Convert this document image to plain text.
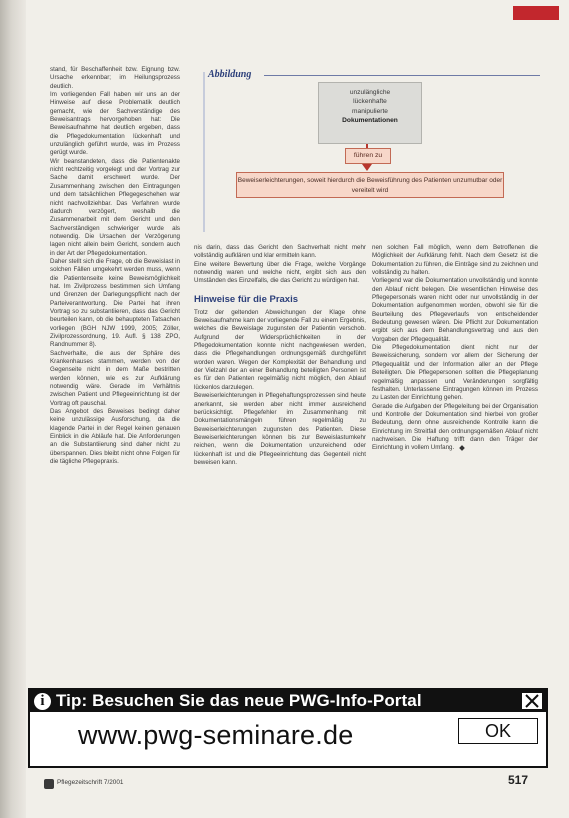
stand, für Beschaffenheit bzw. Eignung bzw. Ursache erkennbar; im Heilungsprozess deutlich.

Im vorliegenden Fall haben wir uns an der Hinweise auf diese Problematik deutlich gemacht, wie der Sachverständige des Beweisantrags hervorgehoben hat: Die Beweisaufnahme hat deutlich ergeben, dass die Pflegedokumentation lückenhaft und unzulänglich geführt wurde, was im Prozess gerügt wurde.

Wir beanstandeten, dass die Patientenakte nicht rechtzeitig vorgelegt und der Vortrag zur Sache damit erschwert wurde. Der Zusammenhang zwischen den Eintragungen und dem tatsächlichen Pflegegeschehen war nicht nachvollziehbar. Das Verfahren wurde dadurch verzögert, weshalb die Zusammenarbeit mit dem Gericht und den Sachverständigen schwieriger wurde als notwendig. Die Ursachen der Verzögerung lagen nicht allein beim Gericht, sondern auch in der Art der Pflegedokumentation.

Daher stellt sich die Frage, ob die Beweislast in solchen Fällen umgekehrt werden muss, wenn die Patientenseite keine Beweismöglichkeit hat. Im Zivilprozess bestimmen sich Umfang und Grenzen der Darlegungspflicht nach der Parteiverantwortung. Die Partei hat ihren Vortrag so zu substantiieren, dass das Gericht beurteilen kann, ob die behaupteten Tatsachen vorliegen (BGH NJW 1999, 2005; Zöller, Zivilprozessordnung, 19. Aufl. § 138 ZPO, Randnummer 8).

Sachverhalte, die aus der Sphäre des Krankenhauses stammen, werden von der Gegenseite nicht in dem Maße bestritten werden können, wie es zur Aufklärung notwendig wäre. Gerade im Verhältnis zwischen Patient und Pflegeeinrichtung ist der Vortrag oft pauschal.

Das Angebot des Beweises bedingt daher keine unzulässige Ausforschung, da die klagende Partei in der Regel keinen genauen Einblick in die Abläufe hat. Die Anforderungen an die Substantiierung sind daher nicht zu überspannen. Dies bleibt nicht ohne Folgen für die tägliche Pflegepraxis.

Abbildung
unzulängliche
lückenhafte
manipulierte
Dokumentationen
führen zu
Beweiserleichterungen, soweit hierdurch die Beweisführung des Patienten unzumutbar oder vereitelt wird

nis darin, dass das Gericht den Sachverhalt nicht mehr vollständig aufklären und klar ermitteln kann.

Eine weitere Bewertung über die Frage, welche Vorgänge notwendig waren und welche nicht, ergibt sich aus den Umständen des Einzelfalls, die das Gericht zu würdigen hat.

Hinweise für die Praxis

Trotz der geltenden Abweichungen der Klage ohne Beweisaufnahme kam der vorliegende Fall zu einem Ergebnis, welches die Beweislage zugunsten der Patientin verschob. Aufgrund der Widersprüchlichkeiten in der Pflegedokumentation konnte nicht nachgewiesen werden, dass die Pflegehandlungen ordnungsgemäß durchgeführt worden waren. Wegen der Komplexität der Behandlung und der Vielzahl der an einer Behandlung beteiligten Personen ist es für den Patienten regelmäßig nicht möglich, den Ablauf lückenlos darzulegen.

Beweiserleichterungen in Pflegehaftungsprozessen sind heute anerkannt, sie werden aber nicht immer ausreichend berücksichtigt. Pflegefehler im Zusammenhang mit Dokumentationsmängeln führen regelmäßig zu Beweiserleichterungen zugunsten des Patienten. Diese Beweiserleichterungen können bis zur Beweislastumkehr reichen, wenn die Dokumentation unzureichend oder lückenhaft ist und die Pflegeeinrichtung das Gegenteil nicht beweisen kann.

nen solchen Fall möglich, wenn dem Betroffenen die Möglichkeit der Aufklärung fehlt. Nach dem Gesetz ist die Dokumentation zu führen, die Einträge sind zu zeichnen und vollständig zu halten.

Vorliegend war die Dokumentation unvollständig und konnte den Ablauf nicht belegen. Die wesentlichen Hinweise des Pflegepersonals waren nicht oder nur unvollständig in der Dokumentation aufgenommen worden, obwohl sie für die Beurteilung des Pflegeverlaufs von entscheidender Bedeutung gewesen wären. Die Pflicht zur Dokumentation ergibt sich aus dem Behandlungsvertrag und aus den Vorgaben der Pflegequalität.

Die Pflegedokumentation dient nicht nur der Beweissicherung, sondern vor allem der Sicherung der Pflegequalität und der Information aller an der Pflege Beteiligten. Die Pflegepersonen sollten die Pflegeplanung regelmäßig anpassen und Veränderungen sorgfältig festhalten. Unterlassene Eintragungen können im Prozess zu Lasten der Einrichtung gehen.

Gerade die Aufgaben der Pflegeleitung bei der Organisation und Kontrolle der Dokumentation sind hierbei von großer Bedeutung, denn ohne ausreichende Kontrolle kann die Einrichtung im Streitfall den ordnungsgemäßen Ablauf nicht nachweisen. Die Haftung trifft dann den Träger der Einrichtung in vollem Umfang.

i Tip: Besuchen Sie das neue PWG-Info-Portal
www.pwg-seminare.de	OK
Pflegezeitschrift 7/2001	517
